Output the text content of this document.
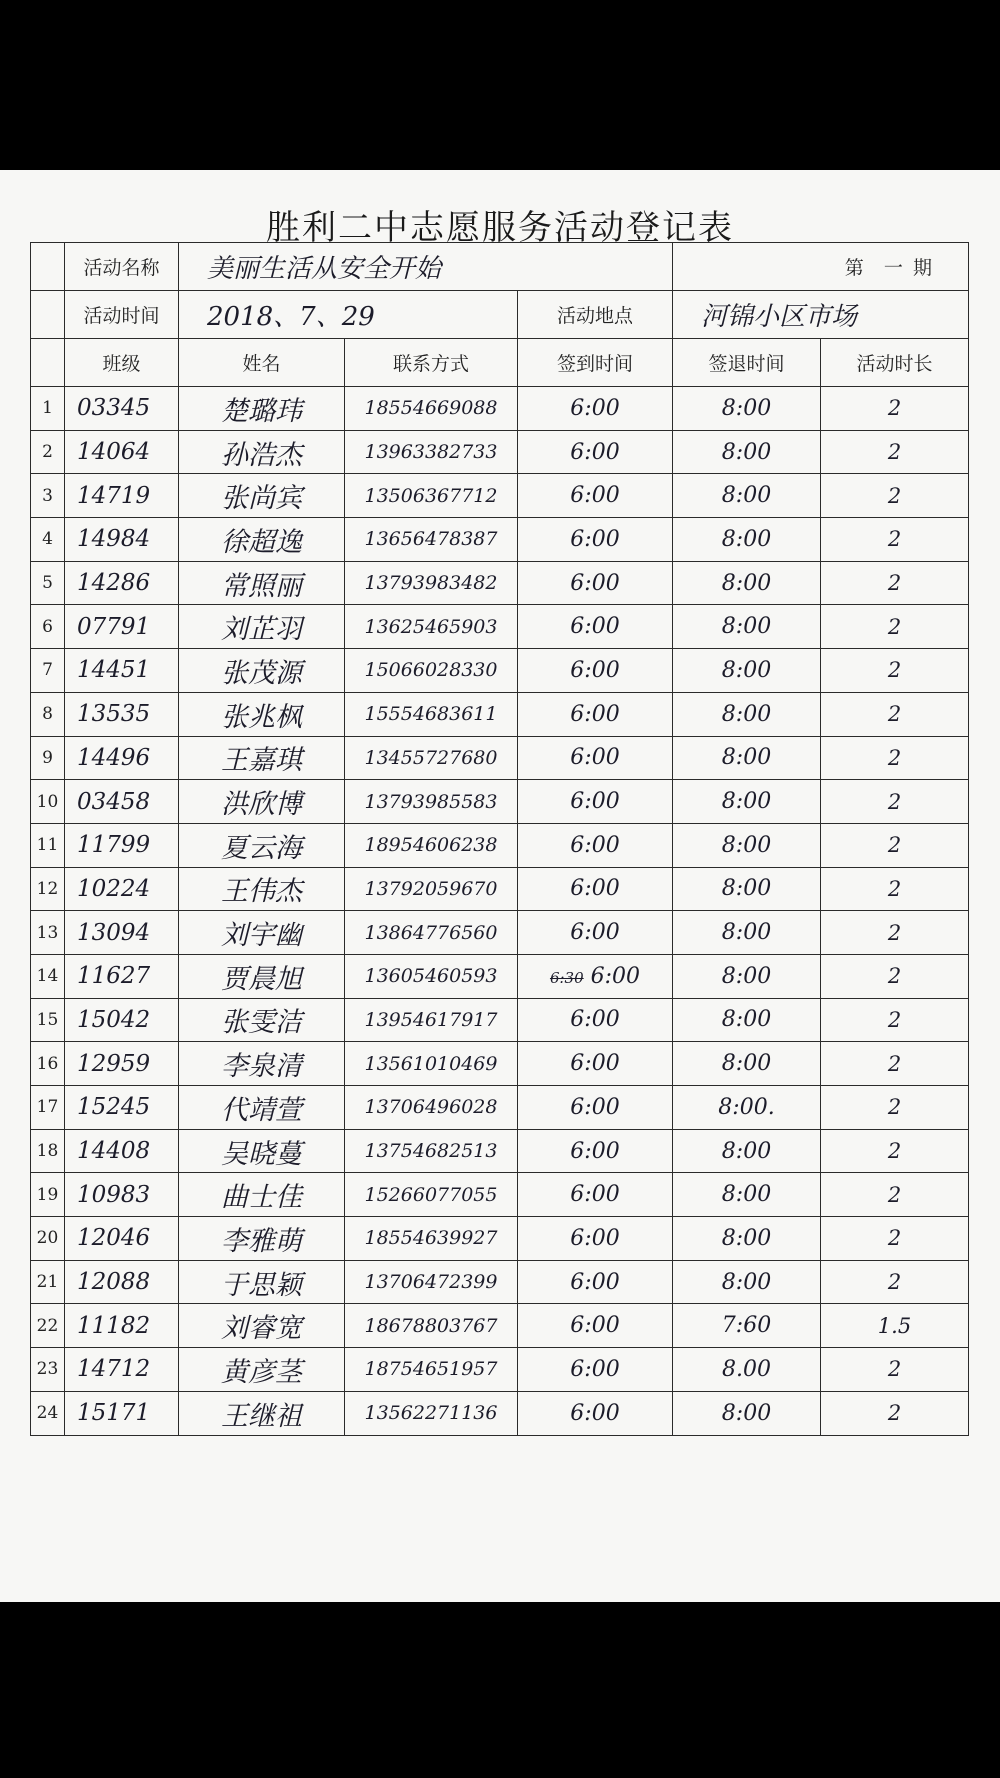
胜利二中志愿服务活动登记表
	活动名称	美丽生活从安全开始			第 一 期	
	活动时间	2018、7、29		活动地点	河锦小区市场	
	班级	姓名	联系方式	签到时间	签退时间	活动时长
1	03345	楚璐玮	18554669088	6:00	8:00	2
2	14064	孙浩杰	13963382733	6:00	8:00	2
3	14719	张尚宾	13506367712	6:00	8:00	2
4	14984	徐超逸	13656478387	6:00	8:00	2
5	14286	常照丽	13793983482	6:00	8:00	2
6	07791	刘芷羽	13625465903	6:00	8:00	2
7	14451	张茂源	15066028330	6:00	8:00	2
8	13535	张兆枫	15554683611	6:00	8:00	2
9	14496	王嘉琪	13455727680	6:00	8:00	2
10	03458	洪欣博	13793985583	6:00	8:00	2
11	11799	夏云海	18954606238	6:00	8:00	2
12	10224	王伟杰	13792059670	6:00	8:00	2
13	13094	刘宇幽	13864776560	6:00	8:00	2
14	11627	贾晨旭	13605460593	6:30 6:00	8:00	2
15	15042	张雯洁	13954617917	6:00	8:00	2
16	12959	李泉清	13561010469	6:00	8:00	2
17	15245	代靖萱	13706496028	6:00	8:00.	2
18	14408	吴晓蔓	13754682513	6:00	8:00	2
19	10983	曲士佳	15266077055	6:00	8:00	2
20	12046	李雅萌	18554639927	6:00	8:00	2
21	12088	于思颖	13706472399	6:00	8:00	2
22	11182	刘睿宽	18678803767	6:00	7:60	1.5
23	14712	黄彦茎	18754651957	6:00	8.00	2
24	15171	王继祖	13562271136	6:00	8:00	2
